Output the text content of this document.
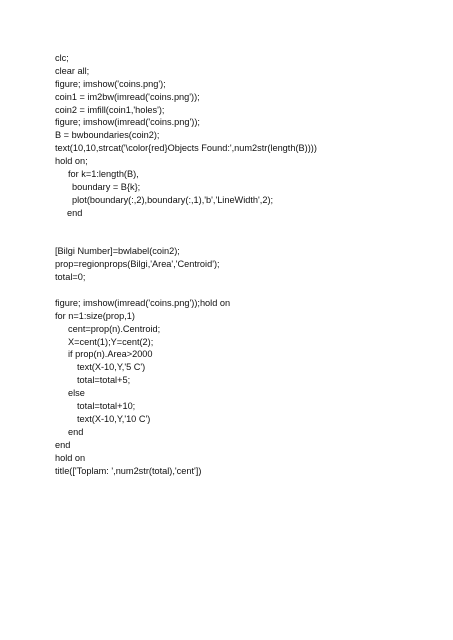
clc;
clear all;
figure; imshow('coins.png');
coin1 = im2bw(imread('coins.png'));
coin2 = imfill(coin1,'holes');
figure; imshow(imread('coins.png'));
B = bwboundaries(coin2);
text(10,10,strcat('\color{red}Objects Found:',num2str(length(B))))
hold on;
for k=1:length(B),
boundary = B{k};
plot(boundary(:,2),boundary(:,1),'b','LineWidth',2);
end
[Bilgi Number]=bwlabel(coin2);
prop=regionprops(Bilgi,'Area','Centroid');
total=0;
figure; imshow(imread('coins.png'));hold on
for n=1:size(prop,1)
cent=prop(n).Centroid;
X=cent(1);Y=cent(2);
if prop(n).Area>2000
text(X-10,Y,'5 C')
total=total+5;
else
total=total+10;
text(X-10,Y,'10 C')
end
end
hold on
title(['Toplam: ',num2str(total),'cent'])
